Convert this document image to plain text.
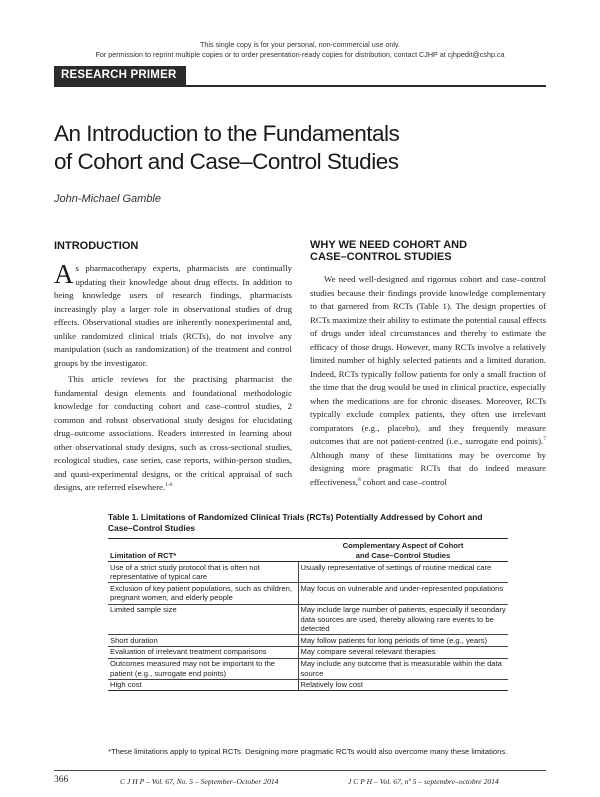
This single copy is for your personal, non-commercial use only.
For permission to reprint multiple copies or to order presentation-ready copies for distribution, contact CJHP at cjhpedit@cshp.ca
RESEARCH PRIMER
An Introduction to the Fundamentals
of Cohort and Case–Control Studies
John-Michael Gamble
INTRODUCTION

As pharmacotherapy experts, pharmacists are continually updating their knowledge about drug effects. In addition to being knowledge users of research findings, pharmacists increasingly play a larger role in observational studies of drug effects. Observational studies are inherently nonexperimental and, unlike randomized clinical trials (RCTs), do not involve any manipulation (such as randomization) of the treatment and control groups by the investigator.

This article reviews for the practising pharmacist the fundamental design elements and foundational methodologic knowledge for conducting cohort and case–control studies, 2 common and robust observational study designs for elucidating drug–outcome associations. Readers interested in learning about other observational study designs, such as cross-sectional studies, ecological studies, case series, case reports, within-person studies, and quasi-experimental designs, or the critical appraisal of such designs, are referred elsewhere.$^{1-6}$

WHY WE NEED COHORT AND
CASE–CONTROL STUDIES

We need well-designed and rigorous cohort and case–control studies because their findings provide knowledge complementary to that garnered from RCTs (Table 1). The design properties of RCTs maximize their ability to estimate the potential causal effects of drugs under ideal circumstances and thereby to estimate the efficacy of those drugs. However, many RCTs involve a relatively limited number of highly selected patients and a limited duration. Indeed, RCTs typically follow patients for only a small fraction of the time that the drug would be used in clinical practice, especially when the medications are for chronic diseases. Moreover, RCTs typically exclude complex patients, they often use irrelevant comparators (e.g., placebo), and they frequently measure outcomes that are not patient-centred (i.e., surrogate end points).$^7$ Although many of these limitations may be overcome by designing more pragmatic RCTs that do indeed measure effectiveness,$^8$ cohort and case–control

Table 1. Limitations of Randomized Clinical Trials (RCTs) Potentially Addressed by Cohort and Case–Control Studies
Limitation of RCT*	Complementary Aspect of Cohort
and Case–Control Studies
Use of a strict study protocol that is often not representative of typical care	Usually representative of settings of routine medical care
Exclusion of key patient populations, such as children, pregnant women, and elderly people	May focus on vulnerable and under-represented populations
Limited sample size	May include large number of patients, especially if secondary data sources are used, thereby allowing rare events to be detected
Short duration	May follow patients for long periods of time (e.g., years)
Evaluation of irrelevant treatment comparisons	May compare several relevant therapies
Outcomes measured may not be important to the patient (e.g., surrogate end points)	May include any outcome that is measurable within the data source
High cost	Relatively low cost
*These limitations apply to typical RCTs. Designing more pragmatic RCTs would also overcome many these limitations.
366	C J H P – Vol. 67, No. 5 – September–October 2014	J C P H – Vol. 67, nº 5 – septembre–octobre 2014
